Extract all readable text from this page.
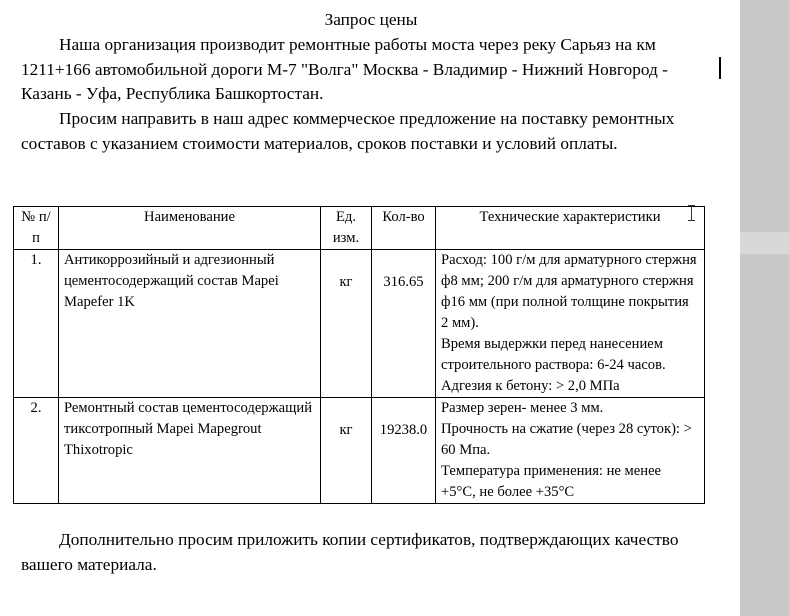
Запрос цены

Наша организация производит ремонтные работы моста через реку Сарьяз на км 1211+166 автомобильной дороги М-7 "Волга" Москва - Владимир - Нижний Новгород - Казань - Уфа, Республика Башкортостан.

Просим направить в наш адрес коммерческое предложение на поставку ремонтных составов с указанием стоимости материалов, сроков поставки и условий оплаты.

№ п/п	Наименование	Ед. изм.	Кол-во	Технические характеристики
1.	Антикоррозийный и адгезионный цементосодержащий состав Mapei Mapefer 1K	кг	316.65	Расход: 100 г/м для арматурного стержня ф8 мм; 200 г/м для арматурного стержня ф16 мм (при полной толщине покрытия 2 мм).
Время выдержки перед нанесением строительного раствора: 6-24 часов.
Адгезия к бетону: > 2,0 МПа

2.	Ремонтный состав цементосодержащий тиксотропный Mapei Mapegrout Thixotropic	кг	19238.0	Размер зерен- менее 3 мм.
Прочность на сжатие (через 28 суток): > 60 Мпа.
Температура применения: не менее +5°C, не более +35°C

Дополнительно просим приложить копии сертификатов, подтверждающих качество вашего материала.
